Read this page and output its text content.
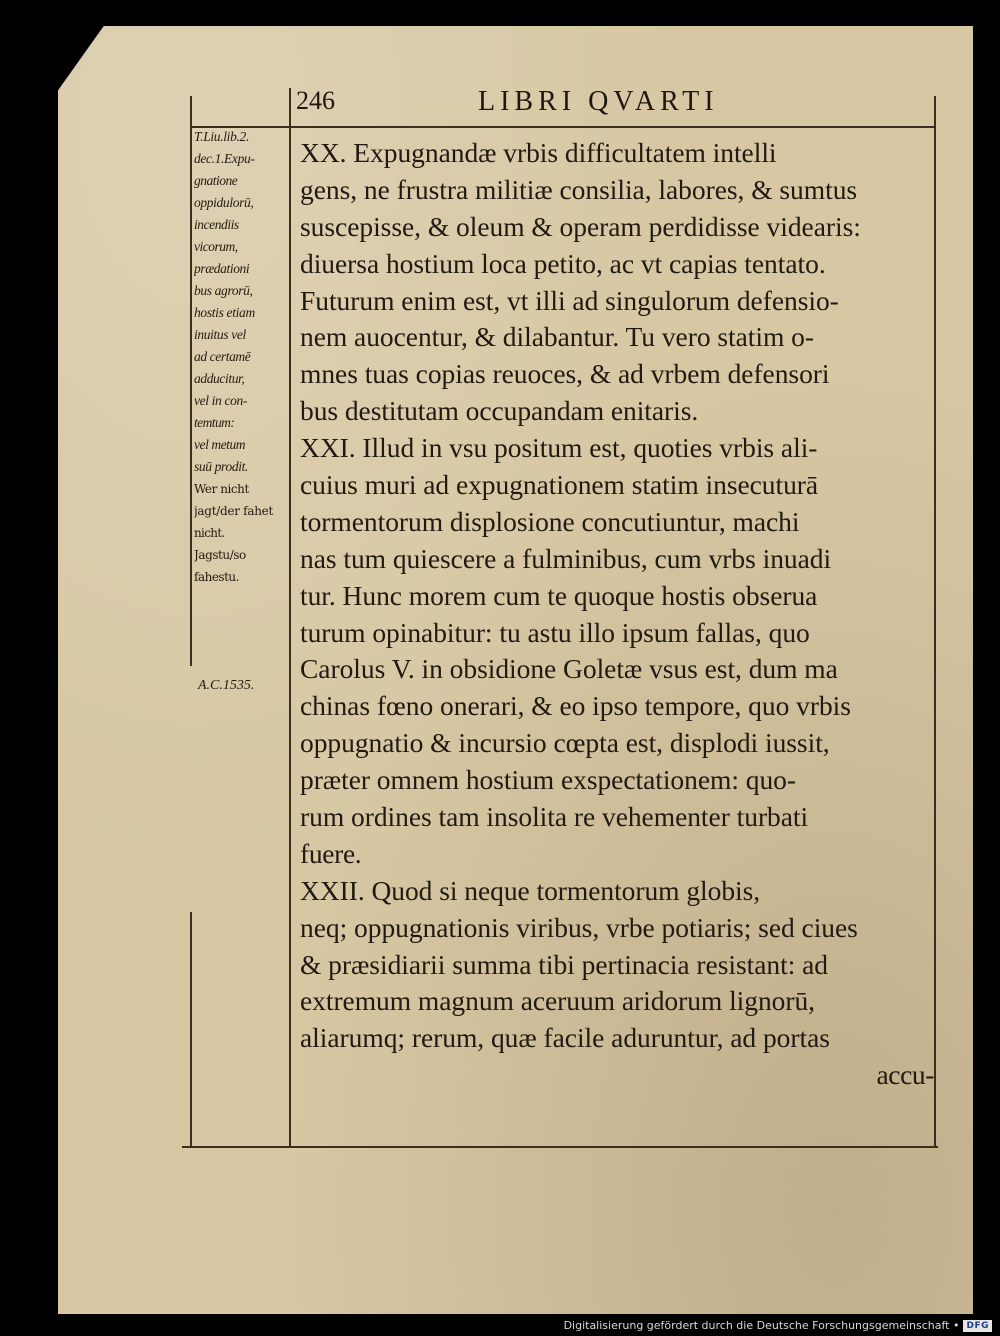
246	LIBRI QVARTI
T.Liu.lib.2.
dec.1.Expu-
gnatione
oppidulorū,
incendiis
vicorum,
prædationi
bus agrorū,
hostis etiam
inuitus vel
ad certamē
adducitur,
vel in con-
temtum:
vel metum
suū prodit.
Wer nicht
jagt/der fahet
nicht.
Jagstu/so
fahestu.
A.C.1535.
XX. Expugnandæ vrbis difficultatem intelli
gens, ne frustra militiæ consilia, labores, & sumtus
suscepisse, & oleum & operam perdidisse videaris:
diuersa hostium loca petito, ac vt capias tentato.
Futurum enim est, vt illi ad singulorum defensio-
nem auocentur, & dilabantur. Tu vero statim o-
mnes tuas copias reuoces, & ad vrbem defensori
bus destitutam occupandam enitaris.
XXI. Illud in vsu positum est, quoties vrbis ali-
cuius muri ad expugnationem statim insecuturā
tormentorum displosione concutiuntur, machi
nas tum quiescere a fulminibus, cum vrbs inuadi
tur. Hunc morem cum te quoque hostis obserua
turum opinabitur: tu astu illo ipsum fallas, quo
Carolus V. in obsidione Goletæ vsus est, dum ma
chinas fœno onerari, & eo ipso tempore, quo vrbis
oppugnatio & incursio cœpta est, displodi iussit,
præter omnem hostium exspectationem: quo-
rum ordines tam insolita re vehementer turbati
fuere.
XXII. Quod si neque tormentorum globis,
neq; oppugnationis viribus, vrbe potiaris; sed ciues
& præsidiarii summa tibi pertinacia resistant: ad
extremum magnum aceruum aridorum lignorū,
aliarumq; rerum, quæ facile aduruntur, ad portas
accu-
Digitalisierung gefördert durch die Deutsche Forschungsgemeinschaft • DFG
